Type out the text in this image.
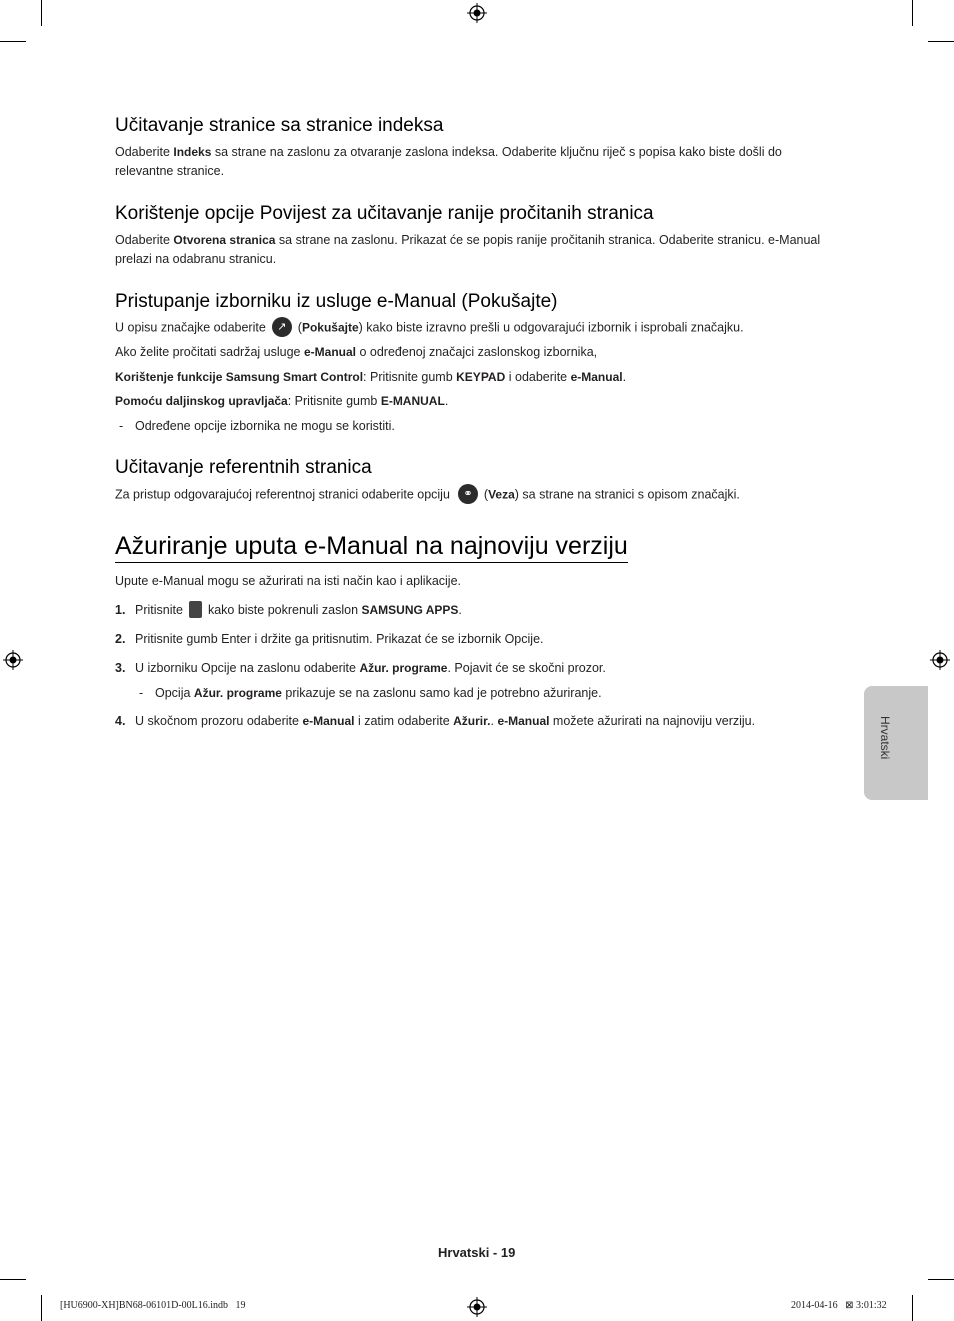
Učitavanje stranice sa stranice indeksa

Odaberite Indeks sa strane na zaslonu za otvaranje zaslona indeksa. Odaberite ključnu riječ s popisa kako biste došli do relevantne stranice.

Korištenje opcije Povijest za učitavanje ranije pročitanih stranica

Odaberite Otvorena stranica sa strane na zaslonu. Prikazat će se popis ranije pročitanih stranica. Odaberite stranicu. e-Manual prelazi na odabranu stranicu.

Pristupanje izborniku iz usluge e-Manual (Pokušajte)

U opisu značajke odaberite ↗ (Pokušajte) kako biste izravno prešli u odgovarajući izbornik i isprobali značajku.

Ako želite pročitati sadržaj usluge e-Manual o određenoj značajci zaslonskog izbornika,

Korištenje funkcije Samsung Smart Control: Pritisnite gumb KEYPAD i odaberite e-Manual.

Pomoću daljinskog upravljača: Pritisnite gumb E-MANUAL.

- Određene opcije izbornika ne mogu se koristiti.
Učitavanje referentnih stranica

Za pristup odgovarajućoj referentnoj stranici odaberite opciju ⚭ (Veza) sa strane na stranici s opisom značajki.

Ažuriranje uputa e-Manual na najnoviju verziju

Upute e-Manual mogu se ažurirati na isti način kao i aplikacije.

1. Pritisnite kako biste pokrenuli zaslon SAMSUNG APPS.

2. Pritisnite gumb Enter i držite ga pritisnutim. Prikazat će se izbornik Opcije.

3. U izborniku Opcije na zaslonu odaberite Ažur. programe. Pojavit će se skočni prozor.

- Opcija Ažur. programe prikazuje se na zaslonu samo kad je potrebno ažuriranje.

4. U skočnom prozoru odaberite e-Manual i zatim odaberite Ažurir.. e-Manual možete ažurirati na najnoviju verziju.	Hrvatski
Hrvatski - 19
[HU6900-XH]BN68-06101D-00L16.indb   19	2014-04-16   ⊠ 3:01:32
